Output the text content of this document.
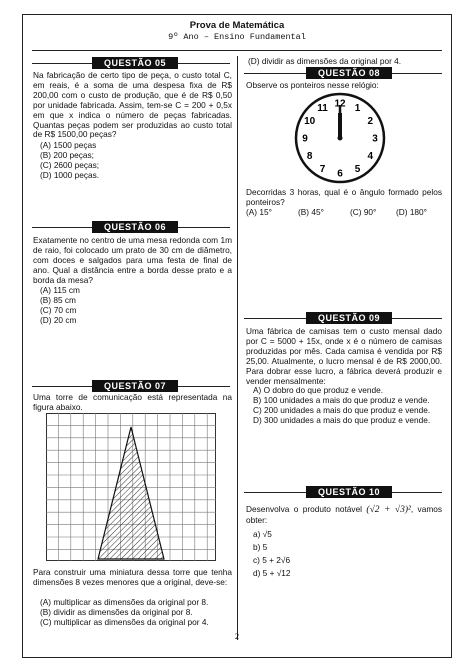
Prova de Matemática
9º Ano – Ensino Fundamental
QUESTÃO 05
Na fabricação de certo tipo de peça, o custo total C, em reais, é a soma de uma despesa fixa de R$ 200,00 com o custo de produção, que é de R$ 0,50 por unidade fabricada. Assim, tem-se C = 200 + 0,5x em que x indica o número de peças fabricadas. Quantas peças podem ser produzidas ao custo total de R$ 1500,00 peças?
(A) 1500 peças
(B) 200 peças;
(C) 2600 peças;
(D) 1000 peças.
QUESTÃO 06
Exatamente no centro de uma mesa redonda com 1m de raio, foi colocado um prato de 30 cm de diâmetro, com doces e salgados para uma festa de final de ano. Qual a distância entre a borda desse prato e a borda da mesa?
(A) 115 cm
(B) 85 cm
(C) 70 cm
(D) 20 cm
QUESTÃO 07
Uma torre de comunicação está representada na figura abaixo.
Para construir uma miniatura dessa torre que tenha dimensões 8 vezes menores que a original, deve-se:
(A) multiplicar as dimensões da original por 8.
(B) dividir as dimensões da original por 8.
(C) multiplicar as dimensões da original por 4.
(D) dividir as dimensões da original por 4.
QUESTÃO 08
Observe os ponteiros nesse relógio:
12 1
2
3
4
5
6
7
8
9
10
11
Decorridas 3 horas, qual é o ângulo formado pelos ponteiros?
(A) 15°	(B) 45°	(C) 90° (D) 180°
QUESTÃO 09
Uma fábrica de camisas tem o custo mensal dado por C = 5000 + 15x, onde x é o número de camisas produzidas por mês. Cada camisa é vendida por R$ 25,00. Atualmente, o lucro mensal é de R$ 2000,00. Para dobrar esse lucro, a fábrica deverá produzir e vender mensalmente:
A) O dobro do que produz e vende.
B) 100 unidades a mais do que produz e vende.
C) 200 unidades a mais do que produz e vende.
D) 300 unidades a mais do que produz e vende.
QUESTÃO 10
Desenvolva o produto notável (√2 + √3)², vamos obter:
a) √5
b) 5
c) 5 + 2√6
d) 5 + √12
2
